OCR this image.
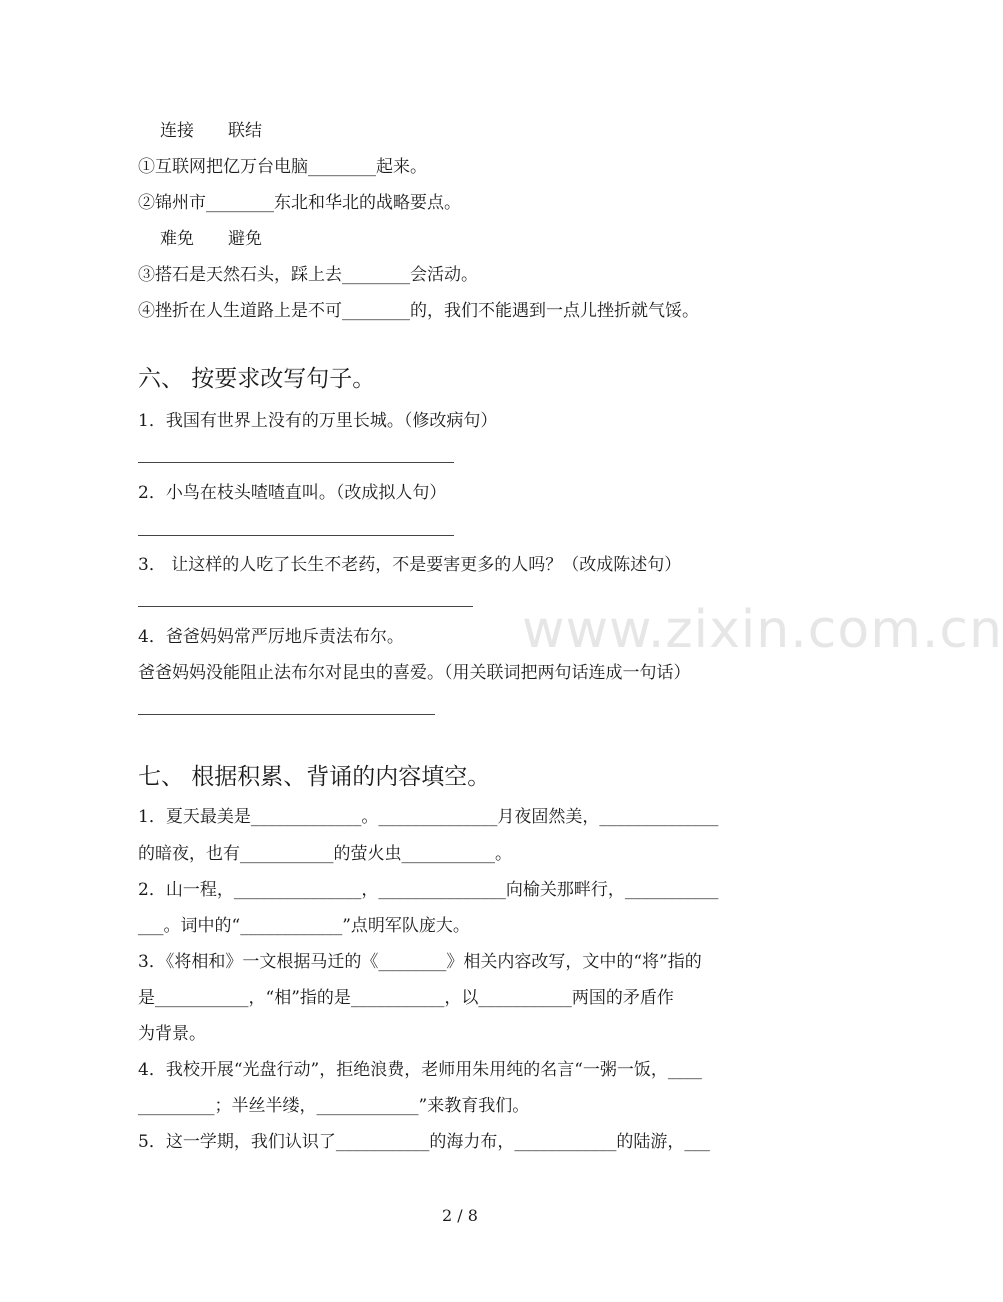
www.zixin.com.cn
连接　　联结
①互联网把亿万台电脑________起来。
②锦州市________东北和华北的战略要点。
难免　　避免
③搭石是天然石头，踩上去________会活动。
④挫折在人生道路上是不可________的，我们不能遇到一点儿挫折就气馁。
六、 按要求改写句子。
1．我国有世界上没有的万里长城。（修改病句）
2．小鸟在枝头喳喳直叫。（改成拟人句）
3． 让这样的人吃了长生不老药，不是要害更多的人吗？（改成陈述句）
4．爸爸妈妈常严厉地斥责法布尔。
爸爸妈妈没能阻止法布尔对昆虫的喜爱。（用关联词把两句话连成一句话）
七、 根据积累、背诵的内容填空。
1．夏天最美是_____________。______________月夜固然美，______________
的暗夜，也有___________的萤火虫___________。
2．山一程，_______________，_______________向榆关那畔行，___________
___。词中的“____________”点明军队庞大。
3．《将相和》一文根据马迁的《________》相关内容改写，文中的“将”指的
是___________，“相”指的是___________，以___________两国的矛盾作
为背景。
4．我校开展“光盘行动”，拒绝浪费，老师用朱用纯的名言“一粥一饭，____
_________；半丝半缕，____________”来教育我们。
5．这一学期，我们认识了___________的海力布，____________的陆游，___
2 / 8
